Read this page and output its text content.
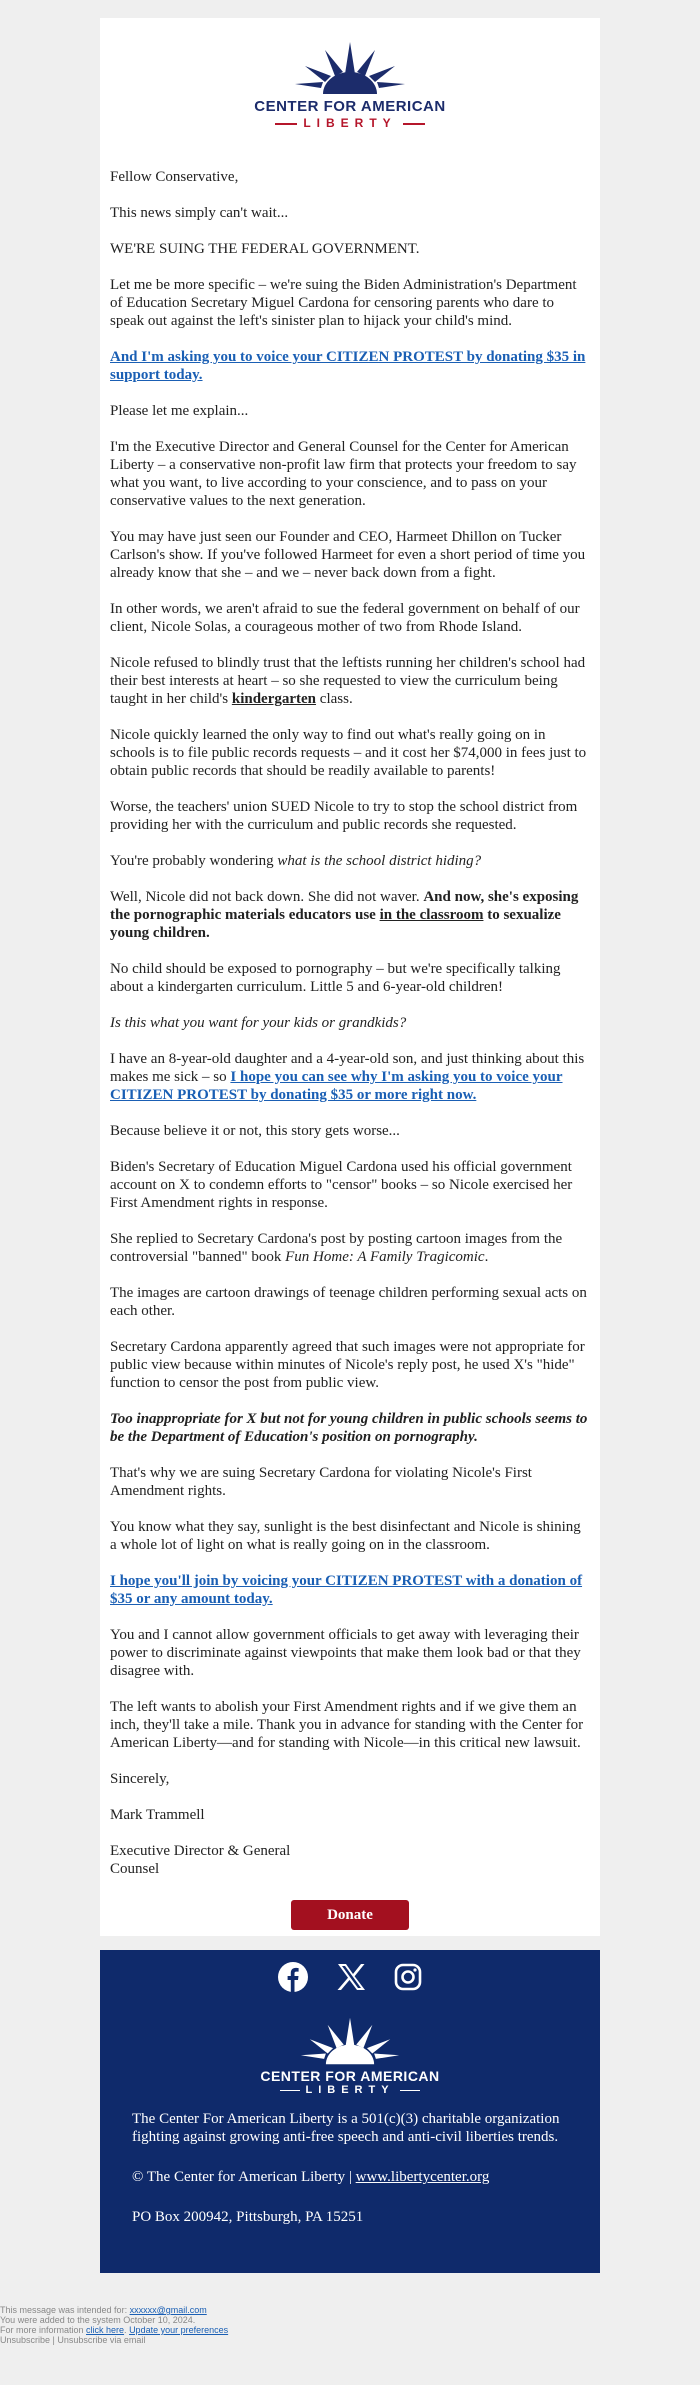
CENTER FOR AMERICAN
LIBERTY

Fellow Conservative,

This news simply can't wait...

WE'RE SUING THE FEDERAL GOVERNMENT.

Let me be more specific – we're suing the Biden Administration's Department of Education Secretary Miguel Cardona for censoring parents who dare to speak out against the left's sinister plan to hijack your child's mind.

And I'm asking you to voice your CITIZEN PROTEST by donating $35 in support today.

Please let me explain...

I'm the Executive Director and General Counsel for the Center for American Liberty – a conservative non-profit law firm that protects your freedom to say what you want, to live according to your conscience, and to pass on your conservative values to the next generation.

You may have just seen our Founder and CEO, Harmeet Dhillon on Tucker Carlson's show. If you've followed Harmeet for even a short period of time you already know that she – and we – never back down from a fight.

In other words, we aren't afraid to sue the federal government on behalf of our client, Nicole Solas, a courageous mother of two from Rhode Island.

Nicole refused to blindly trust that the leftists running her children's school had their best interests at heart – so she requested to view the curriculum being taught in her child's kindergarten class.

Nicole quickly learned the only way to find out what's really going on in schools is to file public records requests – and it cost her $74,000 in fees just to obtain public records that should be readily available to parents!

Worse, the teachers' union SUED Nicole to try to stop the school district from providing her with the curriculum and public records she requested.

You're probably wondering what is the school district hiding?

Well, Nicole did not back down. She did not waver. And now, she's exposing the pornographic materials educators use in the classroom to sexualize young children.

No child should be exposed to pornography – but we're specifically talking about a kindergarten curriculum. Little 5 and 6-year-old children!

Is this what you want for your kids or grandkids?

I have an 8-year-old daughter and a 4-year-old son, and just thinking about this makes me sick – so I hope you can see why I'm asking you to voice your CITIZEN PROTEST by donating $35 or more right now.

Because believe it or not, this story gets worse...

Biden's Secretary of Education Miguel Cardona used his official government account on X to condemn efforts to "censor" books – so Nicole exercised her First Amendment rights in response.

She replied to Secretary Cardona's post by posting cartoon images from the controversial "banned" book Fun Home: A Family Tragicomic.

The images are cartoon drawings of teenage children performing sexual acts on each other.

Secretary Cardona apparently agreed that such images were not appropriate for public view because within minutes of Nicole's reply post, he used X's "hide" function to censor the post from public view.

Too inappropriate for X but not for young children in public schools seems to be the Department of Education's position on pornography.

That's why we are suing Secretary Cardona for violating Nicole's First Amendment rights.

You know what they say, sunlight is the best disinfectant and Nicole is shining a whole lot of light on what is really going on in the classroom.

I hope you'll join by voicing your CITIZEN PROTEST with a donation of $35 or any amount today.

You and I cannot allow government officials to get away with leveraging their power to discriminate against viewpoints that make them look bad or that they disagree with.

The left wants to abolish your First Amendment rights and if we give them an inch, they'll take a mile. Thank you in advance for standing with the Center for American Liberty—and for standing with Nicole—in this critical new lawsuit.

Sincerely,

Mark Trammell

Executive Director & General Counsel

Donate

CENTER FOR AMERICAN
LIBERTY

The Center For American Liberty is a 501(c)(3) charitable organization fighting against growing anti-free speech and anti-civil liberties trends.

© The Center for American Liberty | www.libertycenter.org

PO Box 200942, Pittsburgh, PA 15251

This message was intended for: xxxxxx@gmail.com
You were added to the system October 10, 2024.
For more information click here. Update your preferences
Unsubscribe | Unsubscribe via email
